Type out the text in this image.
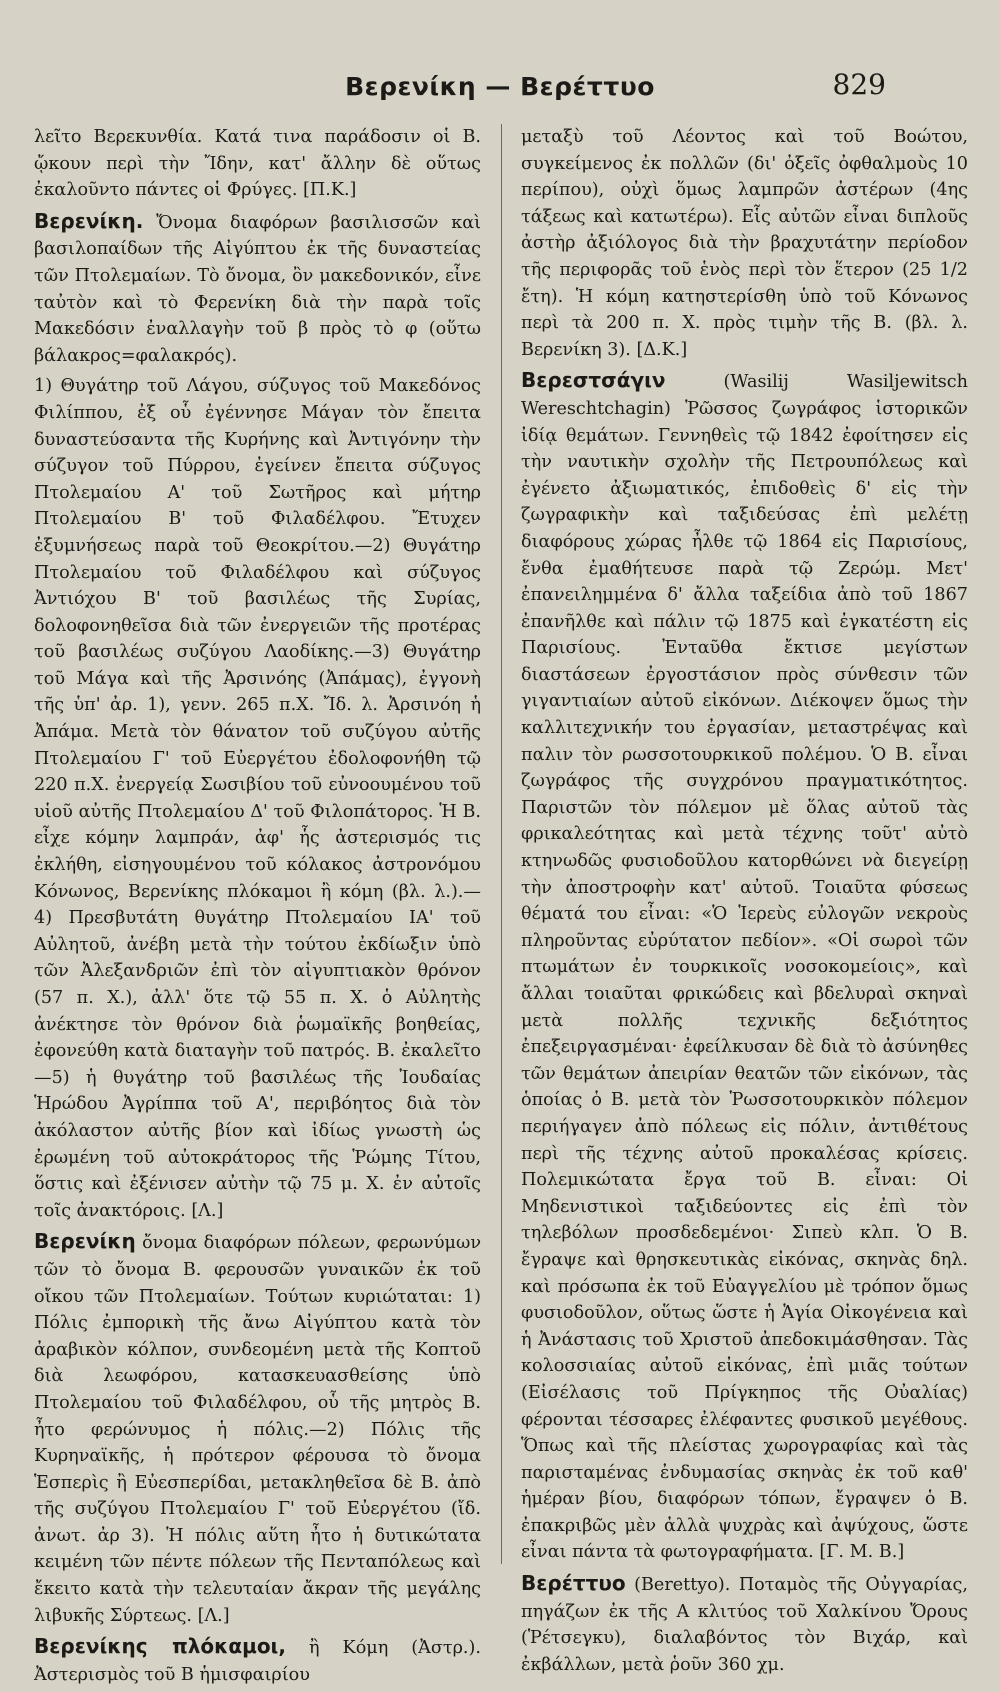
Βερενίκη — Βερέττυο	829

λεῖτο Βερεκυνθία. Κατά τινα παράδοσιν οἱ Β. ᾤκουν περὶ τὴν Ἴδην, κατ' ἄλλην δὲ οὕτως ἐκαλοῦντο πάντες οἱ Φρύγες. [Π.Κ.]

Βερενίκη. Ὄνομα διαφόρων βασιλισσῶν καὶ βασιλοπαίδων τῆς Αἰγύπτου ἐκ τῆς δυναστείας τῶν Πτολεμαίων. Τὸ ὄνομα, ὂν μακεδονικόν, εἶνε ταὐτὸν καὶ τὸ Φερενίκη διὰ τὴν παρὰ τοῖς Μακεδόσιν ἐναλλαγὴν τοῦ β πρὸς τὸ φ (οὕτω βάλακρος=φαλακρός).

1) Θυγάτηρ τοῦ Λάγου, σύζυγος τοῦ Μακεδόνος Φιλίππου, ἐξ οὗ ἐγέννησε Μάγαν τὸν ἔπειτα δυναστεύσαντα τῆς Κυρήνης καὶ Ἀντιγόνην τὴν σύζυγον τοῦ Πύρρου, ἐγείνεν ἔπειτα σύζυγος Πτολεμαίου Α' τοῦ Σωτῆρος καὶ μήτηρ Πτολεμαίου Β' τοῦ Φιλαδέλφου. Ἔτυχεν ἐξυμνήσεως παρὰ τοῦ Θεοκρίτου.—2) Θυγάτηρ Πτολεμαίου τοῦ Φιλαδέλφου καὶ σύζυγος Ἀντιόχου Β' τοῦ βασιλέως τῆς Συρίας, δολοφονηθεῖσα διὰ τῶν ἐνεργειῶν τῆς προτέρας τοῦ βασιλέως συζύγου Λαοδίκης.—3) Θυγάτηρ τοῦ Μάγα καὶ τῆς Ἀρσινόης (Ἀπάμας), ἐγγονὴ τῆς ὑπ' ἀρ. 1), γενν. 265 π.Χ. Ἴδ. λ. Ἀρσινόη ἡ Ἀπάμα. Μετὰ τὸν θάνατον τοῦ συζύγου αὐτῆς Πτολεμαίου Γ' τοῦ Εὐεργέτου ἐδολοφονήθη τῷ 220 π.Χ. ἐνεργείᾳ Σωσιβίου τοῦ εὐνοουμένου τοῦ υἱοῦ αὐτῆς Πτολεμαίου Δ' τοῦ Φιλοπάτορος. Ἡ Β. εἶχε κόμην λαμπράν, ἀφ' ἧς ἀστερισμός τις ἐκλήθη, εἰσηγουμένου τοῦ κόλακος ἀστρονόμου Κόνωνος, Βερενίκης πλόκαμοι ἢ κόμη (βλ. λ.).—4) Πρεσβυτάτη θυγάτηρ Πτολεμαίου ΙΑ' τοῦ Αὐλητοῦ, ἀνέβη μετὰ τὴν τούτου ἐκδίωξιν ὑπὸ τῶν Ἀλεξανδριῶν ἐπὶ τὸν αἰγυπτιακὸν θρόνον (57 π. Χ.), ἀλλ' ὅτε τῷ 55 π. Χ. ὁ Αὐλητὴς ἀνέκτησε τὸν θρόνον διὰ ῥωμαϊκῆς βοηθείας, ἐφονεύθη κατὰ διαταγὴν τοῦ πατρός. Β. ἐκαλεῖτο—5) ἡ θυγάτηρ τοῦ βασιλέως τῆς Ἰουδαίας Ἡρώδου Ἀγρίππα τοῦ Α', περιβόητος διὰ τὸν ἀκόλαστον αὐτῆς βίον καὶ ἰδίως γνωστὴ ὡς ἐρωμένη τοῦ αὐτοκράτορος τῆς Ῥώμης Τίτου, ὅστις καὶ ἐξένισεν αὐτὴν τῷ 75 μ. Χ. ἐν αὐτοῖς τοῖς ἀνακτόροις. [Λ.]

Βερενίκη ὄνομα διαφόρων πόλεων, φερωνύμων τῶν τὸ ὄνομα Β. φερουσῶν γυναικῶν ἐκ τοῦ οἴκου τῶν Πτολεμαίων. Τούτων κυριώταται: 1) Πόλις ἐμπορικὴ τῆς ἄνω Αἰγύπτου κατὰ τὸν ἀραβικὸν κόλπον, συνδεομένη μετὰ τῆς Κοπτοῦ διὰ λεωφόρου, κατασκευασθείσης ὑπὸ Πτολεμαίου τοῦ Φιλαδέλφου, οὗ τῆς μητρὸς Β. ἦτο φερώνυμος ἡ πόλις.—2) Πόλις τῆς Κυρηναϊκῆς, ἡ πρότερον φέρουσα τὸ ὄνομα Ἑσπερὶς ἢ Εὐεσπερίδαι, μετακληθεῖσα δὲ Β. ἀπὸ τῆς συζύγου Πτολεμαίου Γ' τοῦ Εὐεργέτου (ἴδ. ἀνωτ. ἀρ 3). Ἡ πόλις αὕτη ἦτο ἡ δυτικώτατα κειμένη τῶν πέντε πόλεων τῆς Πενταπόλεως καὶ ἔκειτο κατὰ τὴν τελευταίαν ἄκραν τῆς μεγάλης λιβυκῆς Σύρτεως. [Λ.]

Βερενίκης πλόκαμοι, ἢ Κόμη (Ἀστρ.). Ἀστερισμὸς τοῦ Β ἡμισφαιρίου

μεταξὺ τοῦ Λέοντος καὶ τοῦ Βοώτου, συγκείμενος ἐκ πολλῶν (δι' ὀξεῖς ὀφθαλμοὺς 10 περίπου), οὐχὶ ὅμως λαμπρῶν ἀστέρων (4ης τάξεως καὶ κατωτέρω). Εἷς αὐτῶν εἶναι διπλοῦς ἀστὴρ ἀξιόλογος διὰ τὴν βραχυτάτην περίοδον τῆς περιφορᾶς τοῦ ἑνὸς περὶ τὸν ἕτερον (25 1/2 ἔτη). Ἡ κόμη κατηστερίσθη ὑπὸ τοῦ Κόνωνος περὶ τὰ 200 π. Χ. πρὸς τιμὴν τῆς Β. (βλ. λ. Βερενίκη 3). [Δ.Κ.]

Βερεστσάγιν	(Wasilij Wasiljewitsch Wereschtchagin) Ῥῶσσος ζωγράφος ἱστορικῶν ἰδίᾳ θεμάτων. Γεννηθεὶς τῷ 1842 ἐφοίτησεν εἰς τὴν ναυτικὴν σχολὴν τῆς Πετρουπόλεως καὶ ἐγένετο ἀξιωματικός, ἐπιδοθεὶς δ' εἰς τὴν ζωγραφικὴν καὶ ταξιδεύσας ἐπὶ μελέτῃ διαφόρους χώρας ἦλθε τῷ 1864 εἰς Παρισίους, ἔνθα ἐμαθήτευσε παρὰ τῷ Ζερώμ. Μετ' ἐπανειλημμένα δ' ἄλλα ταξείδια ἀπὸ τοῦ 1867 ἐπανῆλθε καὶ πάλιν τῷ 1875 καὶ ἐγκατέστη εἰς Παρισίους. Ἐνταῦθα ἔκτισε μεγίστων διαστάσεων ἐργοστάσιον πρὸς σύνθεσιν τῶν γιγαντιαίων αὐτοῦ εἰκόνων. Διέκοψεν ὅμως τὴν καλλιτεχνικήν του ἐργασίαν, μεταστρέψας καὶ παλιν τὸν ρωσσοτουρκικοῦ πολέμου. Ὁ Β. εἶναι ζωγράφος τῆς συγχρόνου πραγματικότητος. Παριστῶν τὸν πόλεμον μὲ ὅλας αὐτοῦ τὰς φρικαλεότητας καὶ μετὰ τέχνης τοῦτ' αὐτὸ κτηνωδῶς φυσιοδοῦλου κατορθώνει νὰ διεγείρῃ τὴν ἀποστροφὴν κατ' αὐτοῦ. Τοιαῦτα φύσεως θέματά του εἶναι: «Ὁ Ἱερεὺς εὐλογῶν νεκροὺς πληροῦντας εὐρύτατον πεδίον». «Οἱ σωροὶ τῶν πτωμάτων ἐν τουρκικοῖς νοσοκομείοις», καὶ ἄλλαι τοιαῦται φρικώδεις καὶ βδελυραὶ σκηναὶ μετὰ πολλῆς τεχνικῆς δεξιότητος ἐπεξειργασμέναι· ἐφείλκυσαν δὲ διὰ τὸ ἀσύνηθες τῶν θεμάτων ἀπειρίαν θεατῶν τῶν εἰκόνων, τὰς ὁποίας ὁ Β. μετὰ τὸν Ῥωσσοτουρκικὸν πόλεμον περιήγαγεν ἀπὸ πόλεως εἰς πόλιν, ἀντιθέτους περὶ τῆς τέχνης αὐτοῦ προκαλέσας κρίσεις. Πολεμικώτατα ἔργα τοῦ Β. εἶναι: Οἱ Μηδενιστικοὶ ταξιδεύοντες εἰς ἐπὶ τὸν τηλεβόλων προσδεδεμένοι· Σιπεὺ κλπ. Ὁ Β. ἔγραψε καὶ θρησκευτικὰς εἰκόνας, σκηνὰς δηλ. καὶ πρόσωπα ἐκ τοῦ Εὐαγγελίου μὲ τρόπον ὅμως φυσιοδοῦλον, οὕτως ὥστε ἡ Ἁγία Οἰκογένεια καὶ ἡ Ἀνάστασις τοῦ Χριστοῦ ἀπεδοκιμάσθησαν. Τὰς κολοσσιαίας αὐτοῦ εἰκόνας, ἐπὶ μιᾶς τούτων (Εἰσέλασις τοῦ Πρίγκηπος τῆς Οὐαλίας) φέρονται τέσσαρες ἐλέφαντες φυσικοῦ μεγέθους. Ὅπως καὶ τῆς πλείστας χωρογραφίας καὶ τὰς παρισταμένας ἐνδυμασίας σκηνὰς ἐκ τοῦ καθ' ἡμέραν βίου, διαφόρων τόπων, ἔγραψεν ὁ Β. ἐπακριβῶς μὲν ἀλλὰ ψυχρὰς καὶ ἀψύχους, ὥστε εἶναι πάντα τὰ φωτογραφήματα. [Γ. Μ. Β.]

Βερέττυο (Berettyo). Ποταμὸς τῆς Οὐγγαρίας, πηγάζων ἐκ τῆς Α κλιτύος τοῦ Χαλκίνου Ὄρους (Ῥέτσεγκυ), διαλαβόντος τὸν Βιχάρ, καὶ ἐκβάλλων, μετὰ ῥοῦν 360 χμ.
